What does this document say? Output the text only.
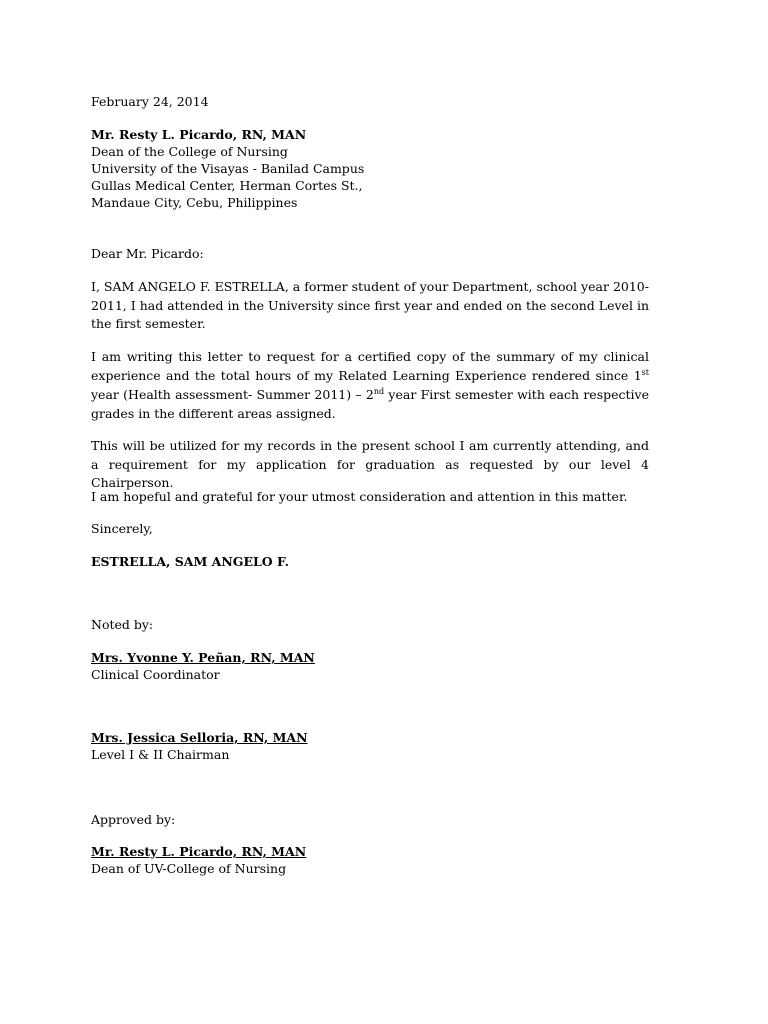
February 24, 2014
Mr. Resty L. Picardo, RN, MAN
Dean of the College of Nursing
University of the Visayas - Banilad Campus
Gullas Medical Center, Herman Cortes St.,
Mandaue City, Cebu, Philippines
Dear Mr. Picardo:
I, SAM ANGELO F. ESTRELLA, a former student of your Department, school year 2010-2011, I had attended in the University since first year and ended on the second Level in the first semester.
I am writing this letter to request for a certified copy of the summary of my clinical experience and the total hours of my Related Learning Experience rendered since 1st year (Health assessment- Summer 2011) – 2nd year First semester with each respective grades in the different areas assigned.
This will be utilized for my records in the present school I am currently attending, and a requirement for my application for graduation as requested by our level 4 Chairperson.
I am hopeful and grateful for your utmost consideration and attention in this matter.
Sincerely,
ESTRELLA, SAM ANGELO F.
Noted by:
Mrs. Yvonne Y. Peñan, RN, MAN
Clinical Coordinator
Mrs. Jessica Selloria, RN, MAN
Level I & II Chairman
Approved by:
Mr. Resty L. Picardo, RN, MAN
Dean of UV-College of Nursing
